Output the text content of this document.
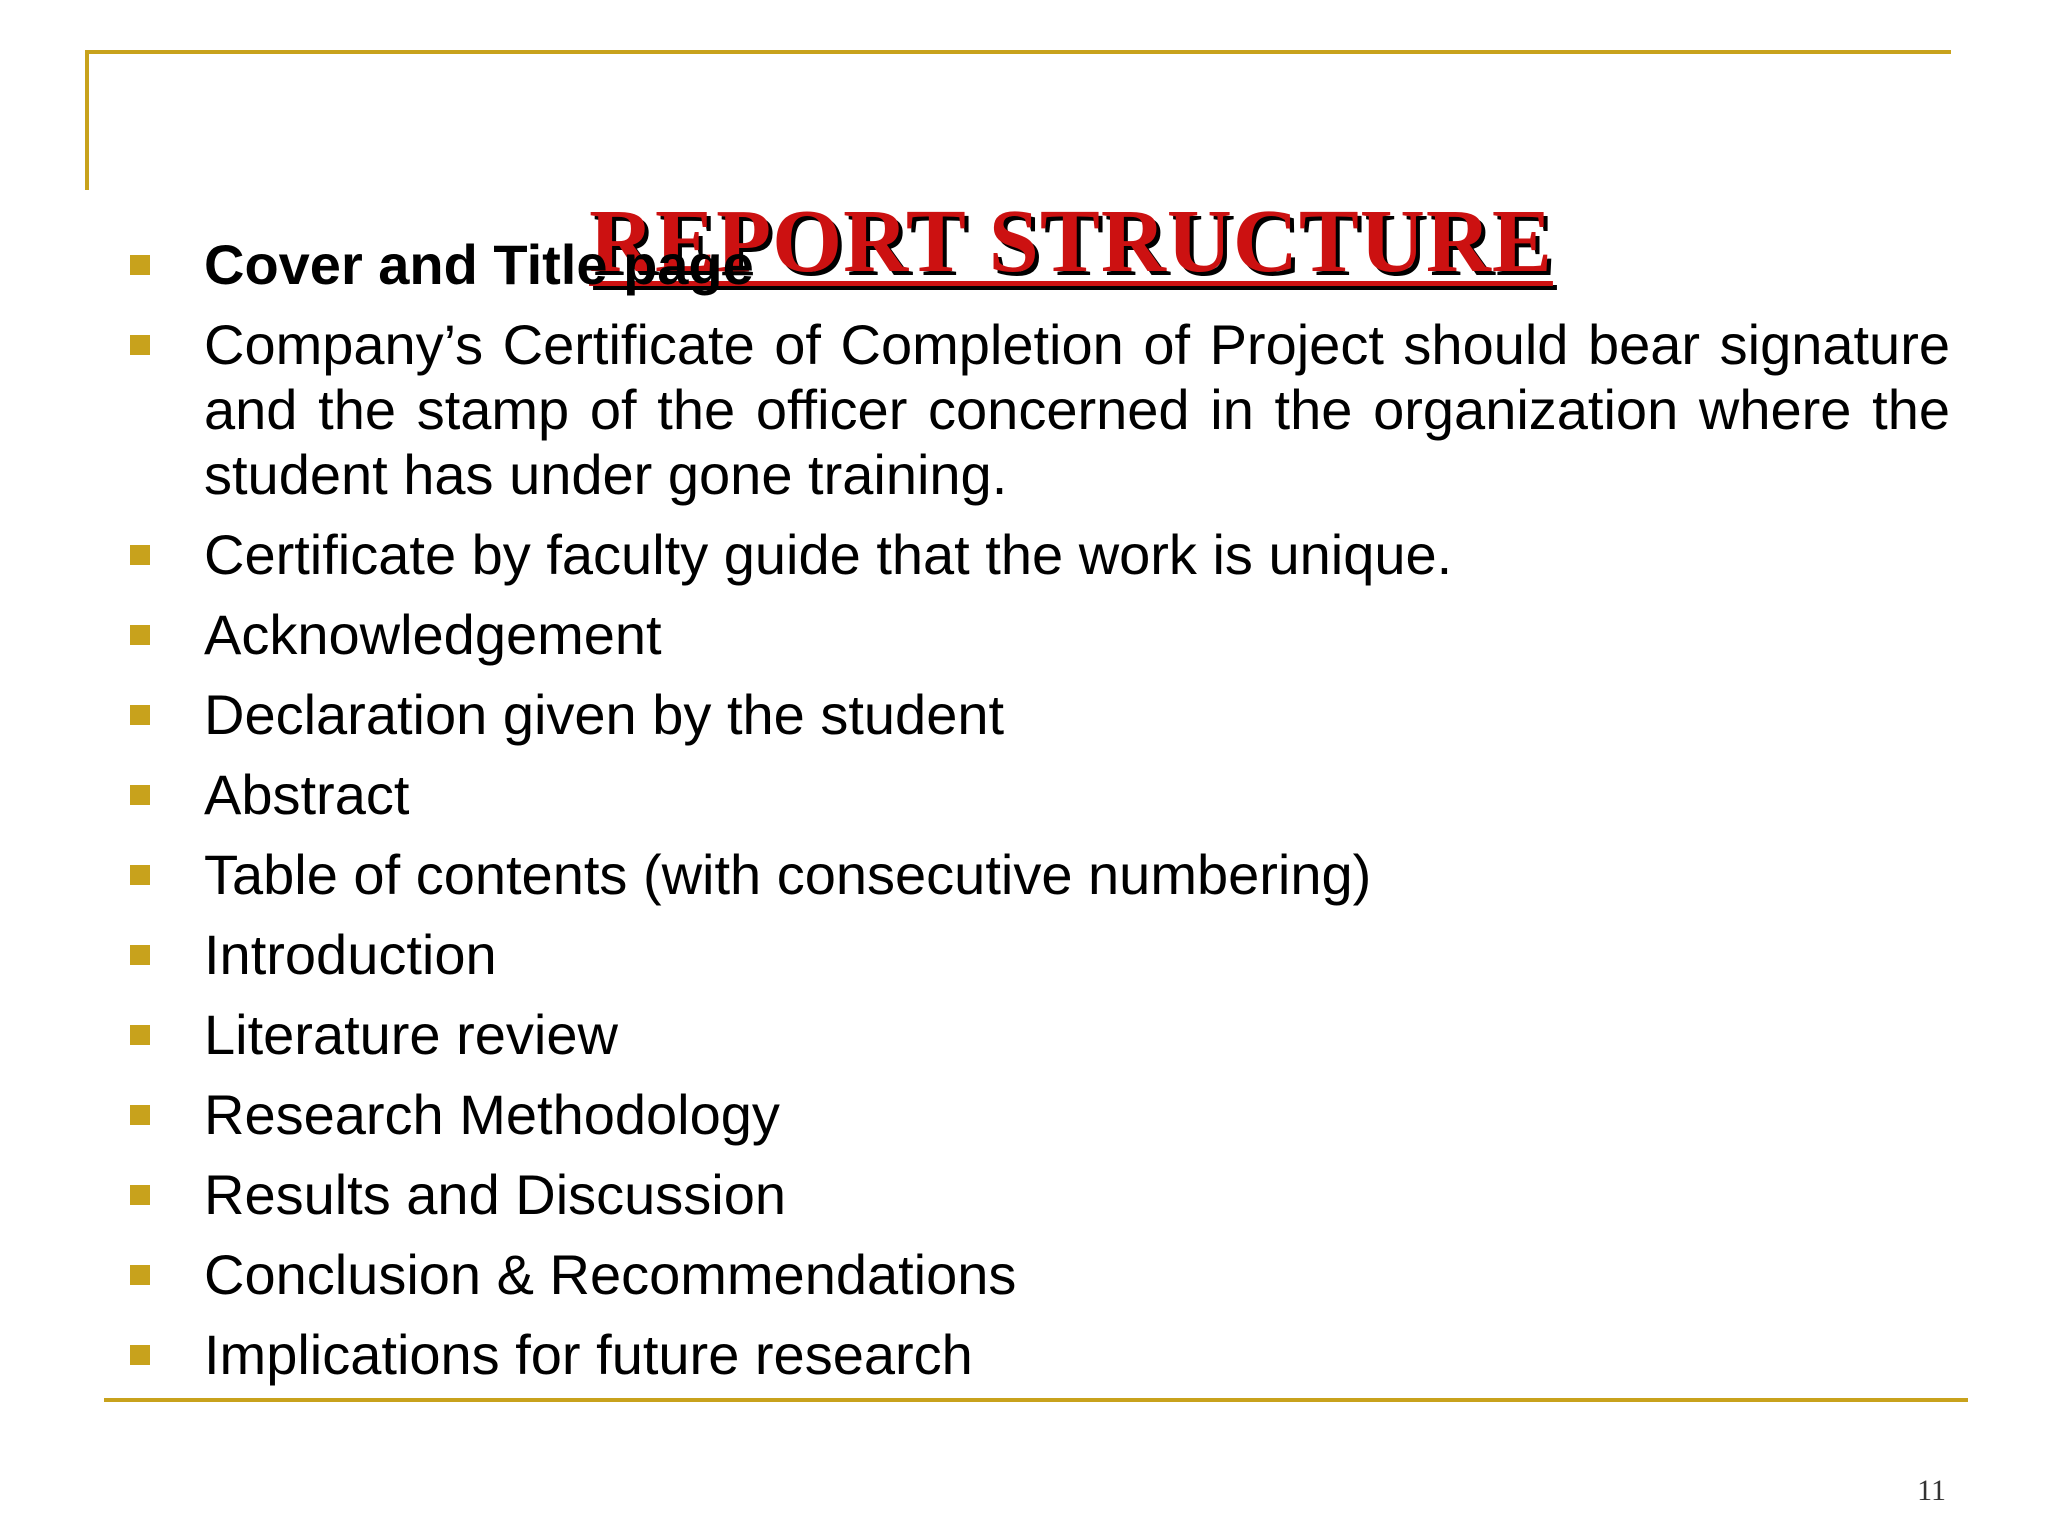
REPORT STRUCTURE

Cover and Title page
Company’s Certificate of Completion of Project should bear signature and the stamp of the officer concerned in the organization where the student has under gone training.
Certificate by faculty guide that the work is unique.
Acknowledgement
Declaration given by the student
Abstract
Table of contents (with consecutive numbering)
Introduction
Literature review
Research Methodology
Results and Discussion
Conclusion & Recommendations
Implications for future research
11
